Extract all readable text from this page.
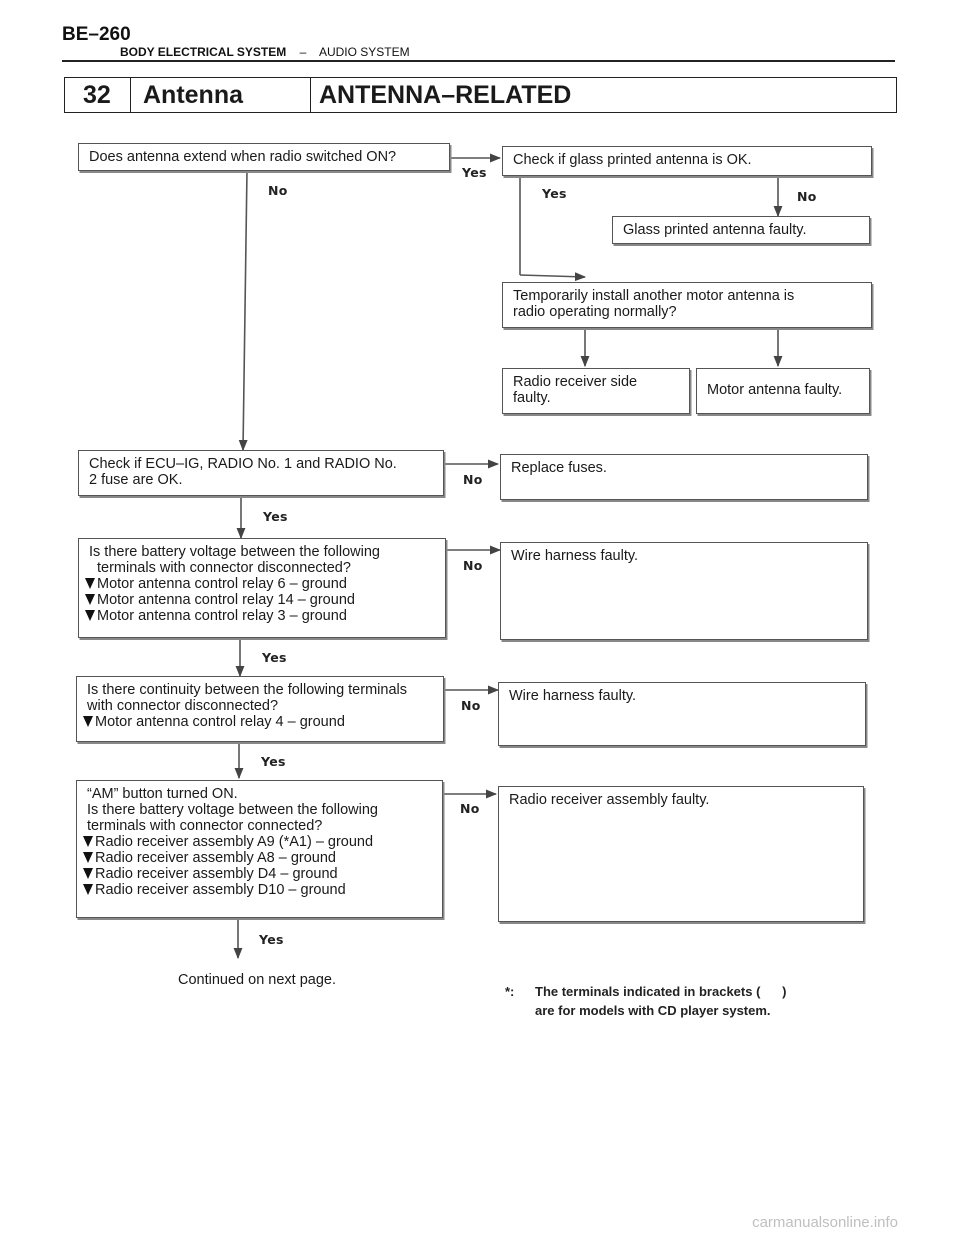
BE–260
BODY ELECTRICAL SYSTEM – AUDIO SYSTEM
32	Antenna	ANTENNA–RELATED
Yes
No	Yes	No
No
Yes
No
Yes
No
Yes
No
Yes
Does antenna extend when radio switched ON?	Check if glass printed antenna is OK.
Glass printed antenna faulty.
Temporarily install another motor antenna is
radio operating normally?
Radio receiver side
faulty.	Motor antenna faulty.
Check if ECU–IG, RADIO No. 1 and RADIO No.
2 fuse are OK.
Replace fuses.
Is there battery voltage between the following
terminals with connector disconnected?
Motor antenna control relay 6 – ground
Motor antenna control relay 14 – ground
Motor antenna control relay 3 – ground
Wire harness faulty.
Is there continuity between the following terminals
with connector disconnected?
Motor antenna control relay 4 – ground
Wire harness faulty.
“AM” button turned ON.
Is there battery voltage between the following
terminals with connector connected?
Radio receiver assembly A9 (*A1) – ground
Radio receiver assembly A8 – ground
Radio receiver assembly D4 – ground
Radio receiver assembly D10 – ground
Radio receiver assembly faulty.
Continued on next page.
*: The terminals indicated in brackets (      )
are for models with CD player system.
carmanualsonline.info
